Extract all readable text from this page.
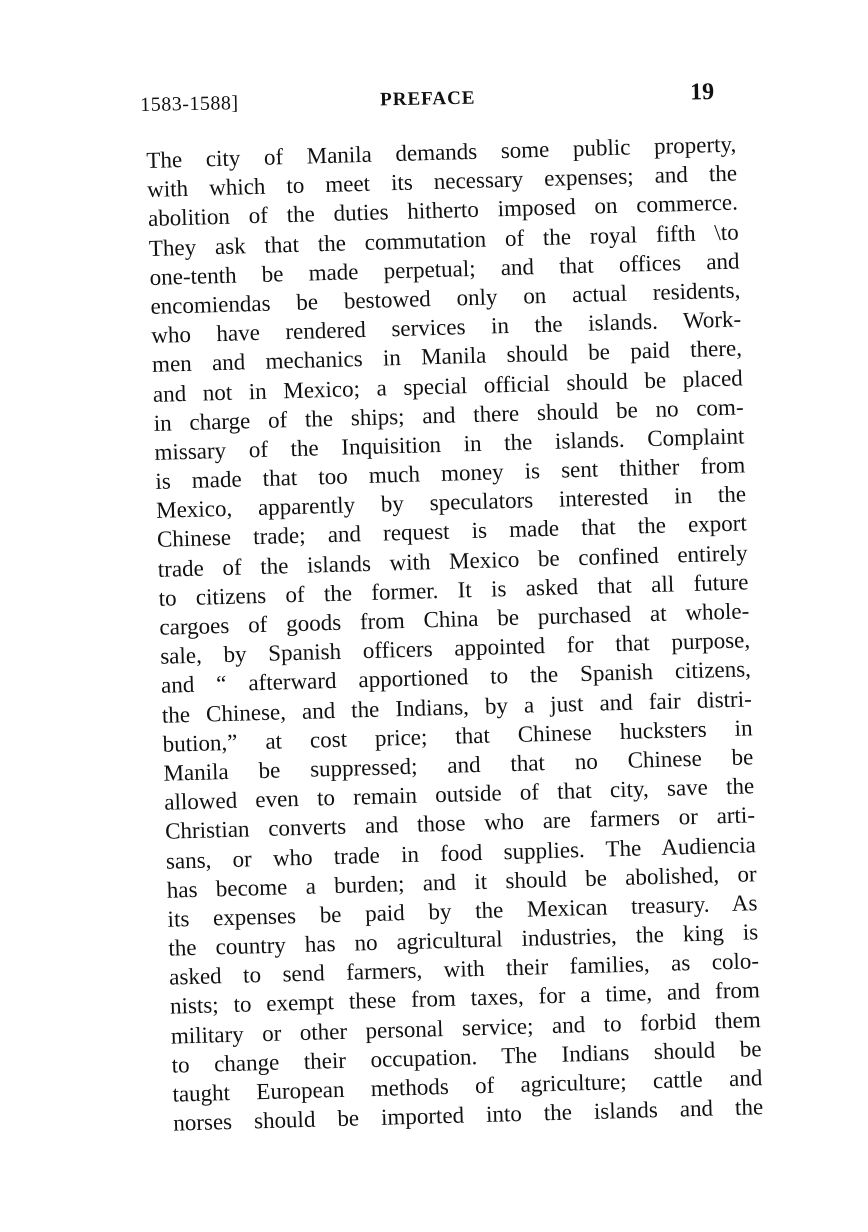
1583-1588]	PREFACE	19
The city of Manila demands some public property,
with which to meet its necessary expenses; and the
abolition of the duties hitherto imposed on commerce.
They ask that the commutation of the royal fifth \to
one-tenth be made perpetual; and that offices and
encomiendas be bestowed only on actual residents,
who have rendered services in the islands. Work-
men and mechanics in Manila should be paid there,
and not in Mexico; a special official should be placed
in charge of the ships; and there should be no com-
missary of the Inquisition in the islands. Complaint
is made that too much money is sent thither from
Mexico, apparently by speculators interested in the
Chinese trade; and request is made that the export
trade of the islands with Mexico be confined entirely
to citizens of the former. It is asked that all future
cargoes of goods from China be purchased at whole-
sale, by Spanish officers appointed for that purpose,
and “ afterward apportioned to the Spanish citizens,
the Chinese, and the Indians, by a just and fair distri-
bution,” at cost price; that Chinese hucksters in
Manila be suppressed; and that no Chinese be
allowed even to remain outside of that city, save the
Christian converts and those who are farmers or arti-
sans, or who trade in food supplies. The Audiencia
has become a burden; and it should be abolished, or
its expenses be paid by the Mexican treasury. As
the country has no agricultural industries, the king is
asked to send farmers, with their families, as colo-
nists; to exempt these from taxes, for a time, and from
military or other personal service; and to forbid them
to change their occupation. The Indians should be
taught European methods of agriculture; cattle and
norses should be imported into the islands and the
